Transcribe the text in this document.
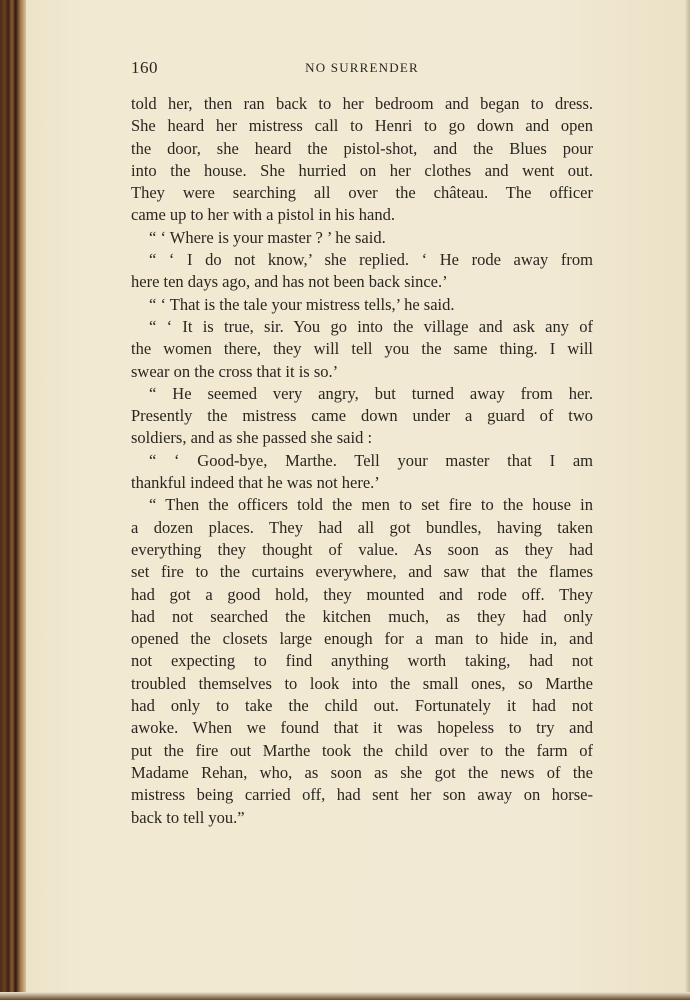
160	NO SURRENDER
told her, then ran back to her bedroom and began to dress.
She heard her mistress call to Henri to go down and open
the door, she heard the pistol-shot, and the Blues pour
into the house. She hurried on her clothes and went out.
They were searching all over the château. The officer
came up to her with a pistol in his hand.
“ ‘ Where is your master ? ’ he said.
“ ‘ I do not know,’ she replied. ‘ He rode away from
here ten days ago, and has not been back since.’
“ ‘ That is the tale your mistress tells,’ he said.
“ ‘ It is true, sir. You go into the village and ask any of
the women there, they will tell you the same thing. I will
swear on the cross that it is so.’
“ He seemed very angry, but turned away from her.
Presently the mistress came down under a guard of two
soldiers, and as she passed she said :
“ ‘ Good-bye, Marthe. Tell your master that I am
thankful indeed that he was not here.’
“ Then the officers told the men to set fire to the house in
a dozen places. They had all got bundles, having taken
everything they thought of value. As soon as they had
set fire to the curtains everywhere, and saw that the flames
had got a good hold, they mounted and rode off. They
had not searched the kitchen much, as they had only
opened the closets large enough for a man to hide in, and
not expecting to find anything worth taking, had not
troubled themselves to look into the small ones, so Marthe
had only to take the child out. Fortunately it had not
awoke. When we found that it was hopeless to try and
put the fire out Marthe took the child over to the farm of
Madame Rehan, who, as soon as she got the news of the
mistress being carried off, had sent her son away on horse-
back to tell you.”
